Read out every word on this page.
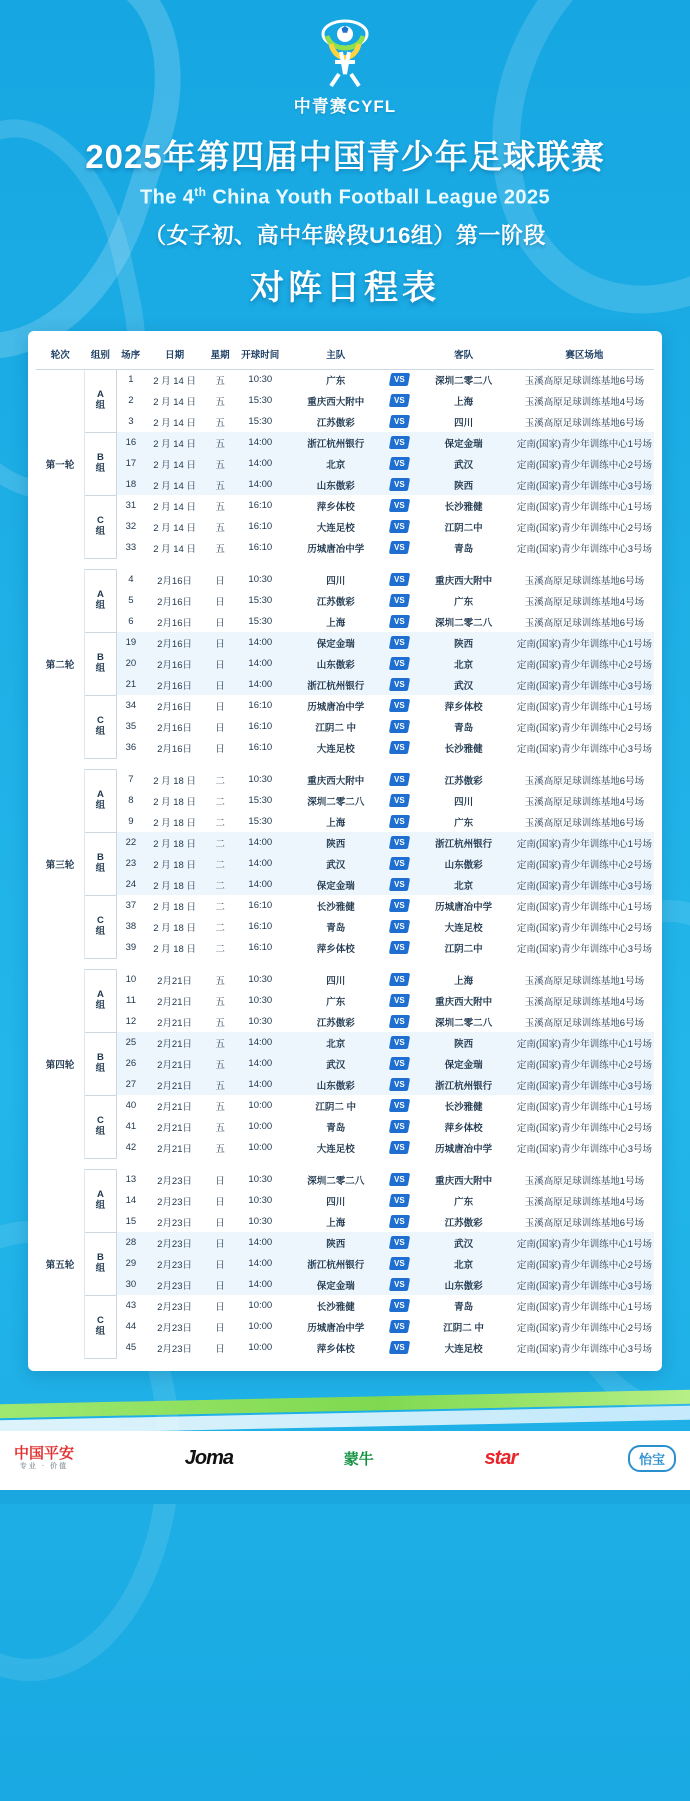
中青赛CYFL
2025年第四届中国青少年足球联赛
The 4th China Youth Football League 2025
（女子初、高中年龄段U16组）第一阶段
对阵日程表
轮次	组别	场序	日期	星期	开球时间	主队		客队	赛区场地
第一轮	A
组	1	2 月 14 日	五	10:30	广东	VS	深圳二零二八	玉溪高原足球训练基地6号场
		2	2 月 14 日	五	15:30	重庆西大附中	VS	上海	玉溪高原足球训练基地4号场
		3	2 月 14 日	五	15:30	江苏傲彩	VS	四川	玉溪高原足球训练基地6号场
	B
组	16	2 月 14 日	五	14:00	浙江杭州银行	VS	保定金瑞	定南(国家)青少年训练中心1号场
		17	2 月 14 日	五	14:00	北京	VS	武汉	定南(国家)青少年训练中心2号场
		18	2 月 14 日	五	14:00	山东傲彩	VS	陕西	定南(国家)青少年训练中心3号场
	C
组	31	2 月 14 日	五	16:10	萍乡体校	VS	长沙雅健	定南(国家)青少年训练中心1号场
		32	2 月 14 日	五	16:10	大连足校	VS	江阴二中	定南(国家)青少年训练中心2号场
		33	2 月 14 日	五	16:10	历城唐冶中学	VS	青岛	定南(国家)青少年训练中心3号场

第二轮	A
组	4	2月16日	日	10:30	四川	VS	重庆西大附中	玉溪高原足球训练基地6号场
		5	2月16日	日	15:30	江苏傲彩	VS	广东	玉溪高原足球训练基地4号场
		6	2月16日	日	15:30	上海	VS	深圳二零二八	玉溪高原足球训练基地6号场
	B
组	19	2月16日	日	14:00	保定金瑞	VS	陕西	定南(国家)青少年训练中心1号场
		20	2月16日	日	14:00	山东傲彩	VS	北京	定南(国家)青少年训练中心2号场
		21	2月16日	日	14:00	浙江杭州银行	VS	武汉	定南(国家)青少年训练中心3号场
	C
组	34	2月16日	日	16:10	历城唐冶中学	VS	萍乡体校	定南(国家)青少年训练中心1号场
		35	2月16日	日	16:10	江阴二 中	VS	青岛	定南(国家)青少年训练中心2号场
		36	2月16日	日	16:10	大连足校	VS	长沙雅健	定南(国家)青少年训练中心3号场

第三轮	A
组	7	2 月 18 日	二	10:30	重庆西大附中	VS	江苏傲彩	玉溪高原足球训练基地6号场
		8	2 月 18 日	二	15:30	深圳二零二八	VS	四川	玉溪高原足球训练基地4号场
		9	2 月 18 日	二	15:30	上海	VS	广东	玉溪高原足球训练基地6号场
	B
组	22	2 月 18 日	二	14:00	陕西	VS	浙江杭州银行	定南(国家)青少年训练中心1号场
		23	2 月 18 日	二	14:00	武汉	VS	山东傲彩	定南(国家)青少年训练中心2号场
		24	2 月 18 日	二	14:00	保定金瑞	VS	北京	定南(国家)青少年训练中心3号场
	C
组	37	2 月 18 日	二	16:10	长沙雅健	VS	历城唐冶中学	定南(国家)青少年训练中心1号场
		38	2 月 18 日	二	16:10	青岛	VS	大连足校	定南(国家)青少年训练中心2号场
		39	2 月 18 日	二	16:10	萍乡体校	VS	江阴二中	定南(国家)青少年训练中心3号场

第四轮	A
组	10	2月21日	五	10:30	四川	VS	上海	玉溪高原足球训练基地1号场
		11	2月21日	五	10:30	广东	VS	重庆西大附中	玉溪高原足球训练基地4号场
		12	2月21日	五	10:30	江苏傲彩	VS	深圳二零二八	玉溪高原足球训练基地6号场
	B
组	25	2月21日	五	14:00	北京	VS	陕西	定南(国家)青少年训练中心1号场
		26	2月21日	五	14:00	武汉	VS	保定金瑞	定南(国家)青少年训练中心2号场
		27	2月21日	五	14:00	山东傲彩	VS	浙江杭州银行	定南(国家)青少年训练中心3号场
	C
组	40	2月21日	五	10:00	江阴二 中	VS	长沙雅健	定南(国家)青少年训练中心1号场
		41	2月21日	五	10:00	青岛	VS	萍乡体校	定南(国家)青少年训练中心2号场
		42	2月21日	五	10:00	大连足校	VS	历城唐冶中学	定南(国家)青少年训练中心3号场

第五轮	A
组	13	2月23日	日	10:30	深圳二零二八	VS	重庆西大附中	玉溪高原足球训练基地1号场
		14	2月23日	日	10:30	四川	VS	广东	玉溪高原足球训练基地4号场
		15	2月23日	日	10:30	上海	VS	江苏傲彩	玉溪高原足球训练基地6号场
	B
组	28	2月23日	日	14:00	陕西	VS	武汉	定南(国家)青少年训练中心1号场
		29	2月23日	日	14:00	浙江杭州银行	VS	北京	定南(国家)青少年训练中心2号场
		30	2月23日	日	14:00	保定金瑞	VS	山东傲彩	定南(国家)青少年训练中心3号场
	C
组	43	2月23日	日	10:00	长沙雅健	VS	青岛	定南(国家)青少年训练中心1号场
		44	2月23日	日	10:00	历城唐冶中学	VS	江阴二 中	定南(国家)青少年训练中心2号场
		45	2月23日	日	10:00	萍乡体校	VS	大连足校	定南(国家)青少年训练中心3号场
中国平安
专业 · 价值	Joma	蒙牛	star	怡宝
